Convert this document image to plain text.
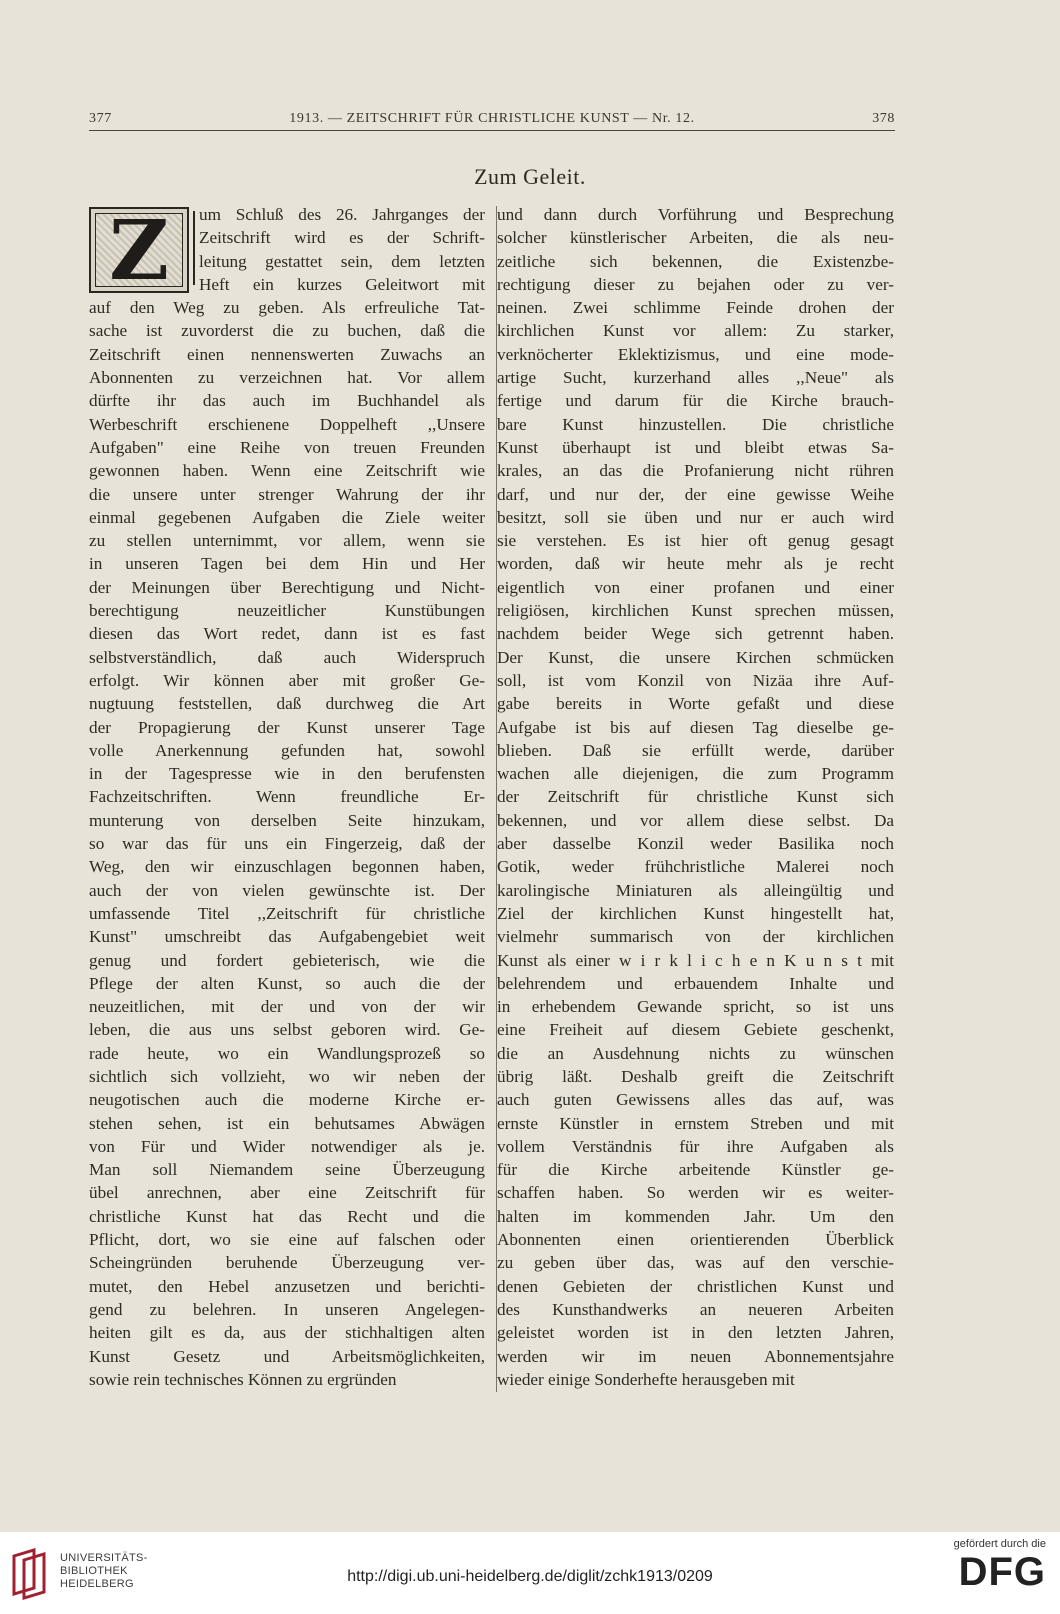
377	1913. — ZEITSCHRIFT FÜR CHRISTLICHE KUNST — Nr. 12.	378
Zum Geleit.
Z	um Schluß des 26. Jahrganges der
Zeitschrift wird es der Schrift-
leitung gestattet sein, dem letzten
Heft ein kurzes Geleitwort mit
auf den Weg zu geben. Als erfreuliche Tat-
sache ist zuvorderst die zu buchen, daß die
Zeitschrift einen nennenswerten Zuwachs an
Abonnenten zu verzeichnen hat. Vor allem
dürfte ihr das auch im Buchhandel als
Werbeschrift erschienene Doppelheft ,,Unsere
Aufgaben" eine Reihe von treuen Freunden
gewonnen haben. Wenn eine Zeitschrift wie
die unsere unter strenger Wahrung der ihr
einmal gegebenen Aufgaben die Ziele weiter
zu stellen unternimmt, vor allem, wenn sie
in unseren Tagen bei dem Hin und Her
der Meinungen über Berechtigung und Nicht-
berechtigung neuzeitlicher Kunstübungen
diesen das Wort redet, dann ist es fast
selbstverständlich, daß auch Widerspruch
erfolgt. Wir können aber mit großer Ge-
nugtuung feststellen, daß durchweg die Art
der Propagierung der Kunst unserer Tage
volle Anerkennung gefunden hat, sowohl
in der Tagespresse wie in den berufensten
Fachzeitschriften. Wenn freundliche Er-
munterung von derselben Seite hinzukam,
so war das für uns ein Fingerzeig, daß der
Weg, den wir einzuschlagen begonnen haben,
auch der von vielen gewünschte ist. Der
umfassende Titel ,,Zeitschrift für christliche
Kunst" umschreibt das Aufgabengebiet weit
genug und fordert gebieterisch, wie die
Pflege der alten Kunst, so auch die der
neuzeitlichen, mit der und von der wir
leben, die aus uns selbst geboren wird. Ge-
rade heute, wo ein Wandlungsprozeß so
sichtlich sich vollzieht, wo wir neben der
neugotischen auch die moderne Kirche er-
stehen sehen, ist ein behutsames Abwägen
von Für und Wider notwendiger als je.
Man soll Niemandem seine Überzeugung
übel anrechnen, aber eine Zeitschrift für
christliche Kunst hat das Recht und die
Pflicht, dort, wo sie eine auf falschen oder
Scheingründen beruhende Überzeugung ver-
mutet, den Hebel anzusetzen und berichti-
gend zu belehren. In unseren Angelegen-
heiten gilt es da, aus der stichhaltigen alten
Kunst Gesetz und Arbeitsmöglichkeiten,
sowie rein technisches Können zu ergründen
und dann durch Vorführung und Besprechung
solcher künstlerischer Arbeiten, die als neu-
zeitliche sich bekennen, die Existenzbe-
rechtigung dieser zu bejahen oder zu ver-
neinen. Zwei schlimme Feinde drohen der
kirchlichen Kunst vor allem: Zu starker,
verknöcherter Eklektizismus, und eine mode-
artige Sucht, kurzerhand alles ,,Neue" als
fertige und darum für die Kirche brauch-
bare Kunst hinzustellen. Die christliche
Kunst überhaupt ist und bleibt etwas Sa-
krales, an das die Profanierung nicht rühren
darf, und nur der, der eine gewisse Weihe
besitzt, soll sie üben und nur er auch wird
sie verstehen. Es ist hier oft genug gesagt
worden, daß wir heute mehr als je recht
eigentlich von einer profanen und einer
religiösen, kirchlichen Kunst sprechen müssen,
nachdem beider Wege sich getrennt haben.
Der Kunst, die unsere Kirchen schmücken
soll, ist vom Konzil von Nizäa ihre Auf-
gabe bereits in Worte gefaßt und diese
Aufgabe ist bis auf diesen Tag dieselbe ge-
blieben. Daß sie erfüllt werde, darüber
wachen alle diejenigen, die zum Programm
der Zeitschrift für christliche Kunst sich
bekennen, und vor allem diese selbst. Da
aber dasselbe Konzil weder Basilika noch
Gotik, weder frühchristliche Malerei noch
karolingische Miniaturen als alleingültig und
Ziel der kirchlichen Kunst hingestellt hat,
vielmehr summarisch von der kirchlichen
Kunst als einer w i r k l i c h e n K u n s t mit
belehrendem und erbauendem Inhalte und
in erhebendem Gewande spricht, so ist uns
eine Freiheit auf diesem Gebiete geschenkt,
die an Ausdehnung nichts zu wünschen
übrig läßt. Deshalb greift die Zeitschrift
auch guten Gewissens alles das auf, was
ernste Künstler in ernstem Streben und mit
vollem Verständnis für ihre Aufgaben als
für die Kirche arbeitende Künstler ge-
schaffen haben. So werden wir es weiter-
halten im kommenden Jahr. Um den
Abonnenten einen orientierenden Überblick
zu geben über das, was auf den verschie-
denen Gebieten der christlichen Kunst und
des Kunsthandwerks an neueren Arbeiten
geleistet worden ist in den letzten Jahren,
werden wir im neuen Abonnementsjahre
wieder einige Sonderhefte herausgeben mit
UNIVERSITÄTS-
BIBLIOTHEK
HEIDELBERG	http://digi.ub.uni-heidelberg.de/diglit/zchk1913/0209
gefördert durch die
DFG
